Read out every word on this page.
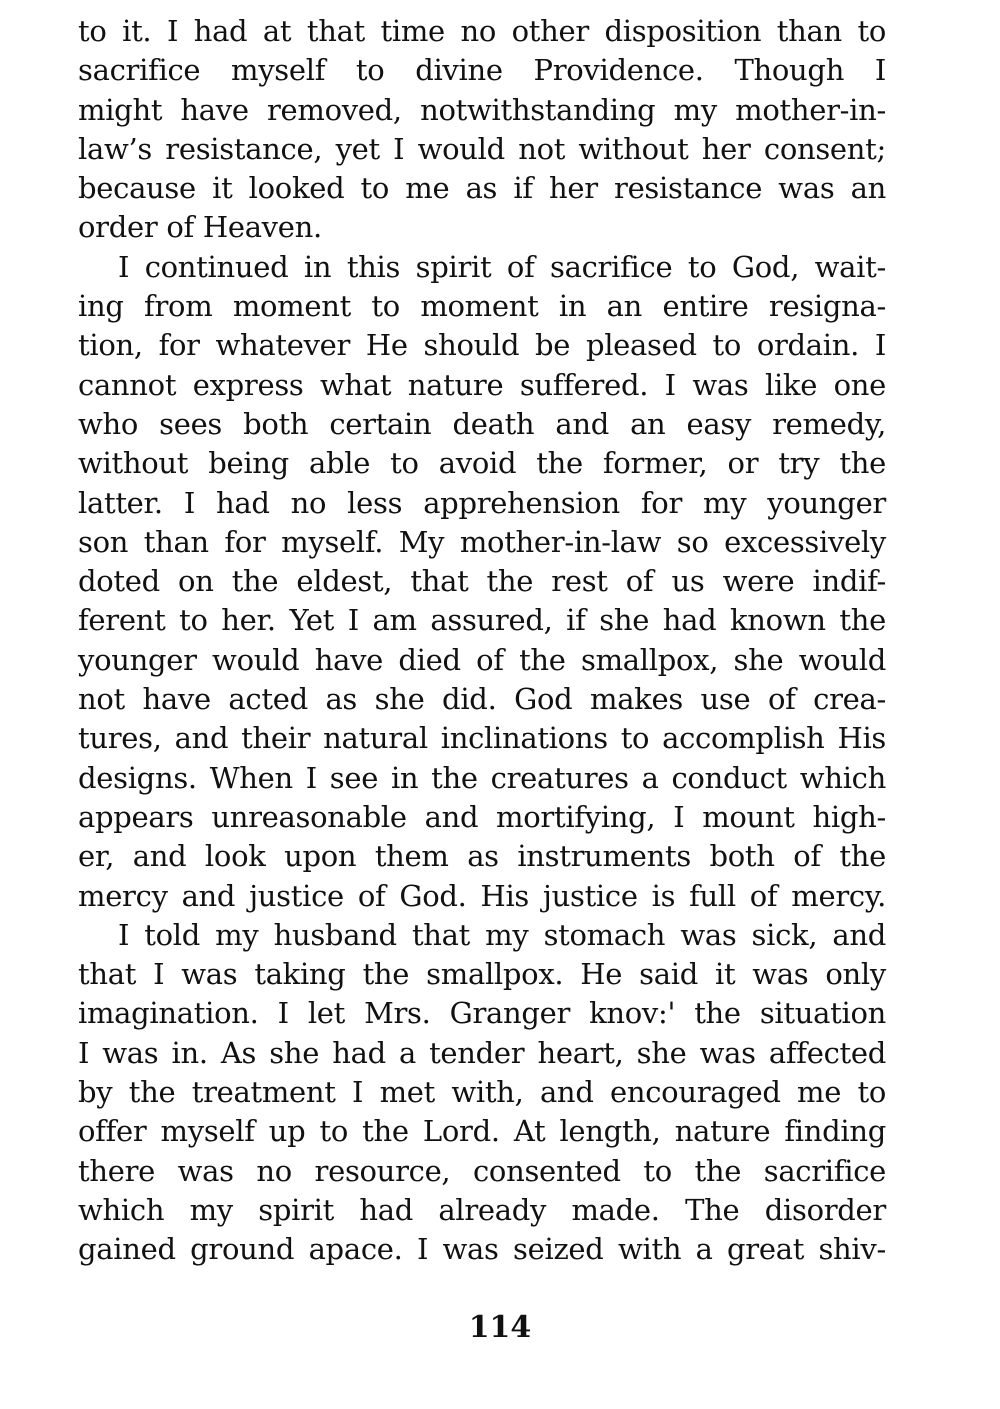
to it. I had at that time no other disposition than to
sacrifice myself to divine Providence. Though I
might have removed, notwithstanding my mother-in-
law’s resistance, yet I would not without her consent;
because it looked to me as if her resistance was an
order of Heaven.
I continued in this spirit of sacrifice to God, wait-
ing from moment to moment in an entire resigna-
tion, for whatever He should be pleased to ordain. I
cannot express what nature suffered. I was like one
who sees both certain death and an easy remedy,
without being able to avoid the former, or try the
latter. I had no less apprehension for my younger
son than for myself. My mother-in-law so excessively
doted on the eldest, that the rest of us were indif-
ferent to her. Yet I am assured, if she had known the
younger would have died of the smallpox, she would
not have acted as she did. God makes use of crea-
tures, and their natural inclinations to accomplish His
designs. When I see in the creatures a conduct which
appears unreasonable and mortifying, I mount high-
er, and look upon them as instruments both of the
mercy and justice of God. His justice is full of mercy.
I told my husband that my stomach was sick, and
that I was taking the smallpox. He said it was only
imagination. I let Mrs. Granger knov:' the situation
I was in. As she had a tender heart, she was affected
by the treatment I met with, and encouraged me to
offer myself up to the Lord. At length, nature finding
there was no resource, consented to the sacrifice
which my spirit had already made. The disorder
gained ground apace. I was seized with a great shiv-
114
